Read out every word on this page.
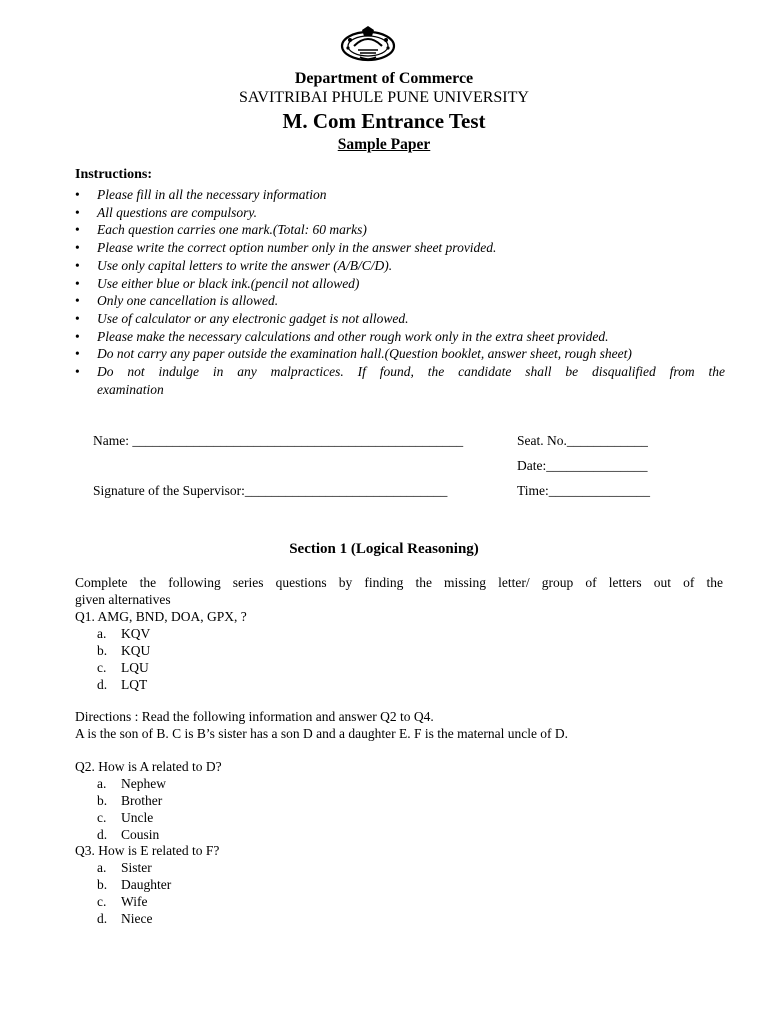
Department of Commerce
SAVITRIBAI PHULE PUNE UNIVERSITY
M. Com Entrance Test
Sample Paper
Instructions:
• Please fill in all the necessary information
• All questions are compulsory.
• Each question carries one mark.(Total: 60 marks)
• Please write the correct option number only in the answer sheet provided.
• Use only capital letters to write the answer (A/B/C/D).
• Use either blue or black ink.(pencil not allowed)
• Only one cancellation is allowed.
• Use of calculator or any electronic gadget is not allowed.
• Please make the necessary calculations and other rough work only in the extra sheet provided.
• Do not carry any paper outside the examination hall.(Question booklet, answer sheet, rough sheet)
• Do not indulge in any malpractices. If found, the candidate shall be disqualified from the
examination
Name: _________________________________________________	Seat. No.____________
Date:_______________
Signature of the Supervisor:______________________________	Time:_______________
Section 1 (Logical Reasoning)
Complete the following series questions by finding the missing letter/ group of letters out of the
given alternatives
Q1. AMG, BND, DOA, GPX, ?
a. KQV
b. KQU
c. LQU
d. LQT
Directions : Read the following information and answer Q2 to Q4.
A is the son of B. C is B’s sister has a son D and a daughter E. F is the maternal uncle of D.
Q2. How is A related to D?
a. Nephew
b. Brother
c. Uncle
d. Cousin
Q3. How is E related to F?
a. Sister
b. Daughter
c. Wife
d. Niece
